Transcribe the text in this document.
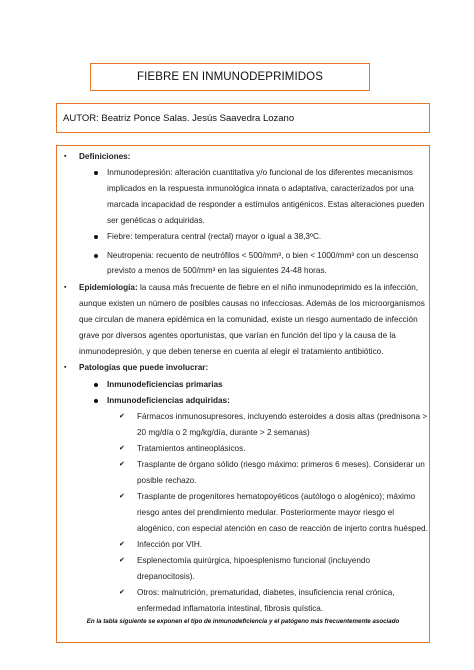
FIEBRE EN INMUNODEPRIMIDOS
AUTOR: Beatriz Ponce Salas. Jesús Saavedra Lozano
▪ Definiciones:
Inmunodepresión: alteración cuantitativa y/o funcional de los diferentes mecanismos
implicados en la respuesta inmunológica innata o adaptativa, caracterizados por una
marcada incapacidad de responder a estímulos antigénicos. Estas alteraciones pueden
ser genéticas o adquiridas.
Fiebre: temperatura central (rectal) mayor o igual a 38,3ºC.
Neutropenia: recuento de neutrófilos < 500/mm³, o bien < 1000/mm³ con un descenso
previsto a menos de 500/mm³ en las siguientes 24-48 horas.
▪ Epidemiología: la causa más frecuente de fiebre en el niño inmunodeprimido es la infección,
aunque existen un número de posibles causas no infecciosas. Además de los microorganismos
que circulan de manera epidémica en la comunidad, existe un riesgo aumentado de infección
grave por diversos agentes oportunistas, que varían en función del tipo y la causa de la
inmunodepresión, y que deben tenerse en cuenta al elegir el tratamiento antibiótico.
▪ Patologías que puede involucrar:
Inmunodeficiencias primarias
Inmunodeficiencias adquiridas:
✔ Fármacos inmunosupresores, incluyendo esteroides a dosis altas (prednisona >
20 mg/día o 2 mg/kg/día, durante > 2 semanas)
✔ Tratamientos antineoplásicos.
✔ Trasplante de órgano sólido (riesgo máximo: primeros 6 meses). Considerar un
posible rechazo.
✔ Trasplante de progenitores hematopoyéticos (autólogo o alogénico); máximo
riesgo antes del prendimiento medular. Posteriormente mayor riesgo el
alogénico, con especial atención en caso de reacción de injerto contra huésped.
✔ Infección por VIH.
✔ Esplenectomía quirúrgica, hipoesplenismo funcional (incluyendo
drepanocitosis).
✔ Otros: malnutrición, prematuridad, diabetes, insuficiencia renal crónica,
enfermedad inflamatoria intestinal, fibrosis quística.
En la tabla siguiente se exponen el tipo de inmunodeficiencia y el patógeno más frecuentemente asociado
